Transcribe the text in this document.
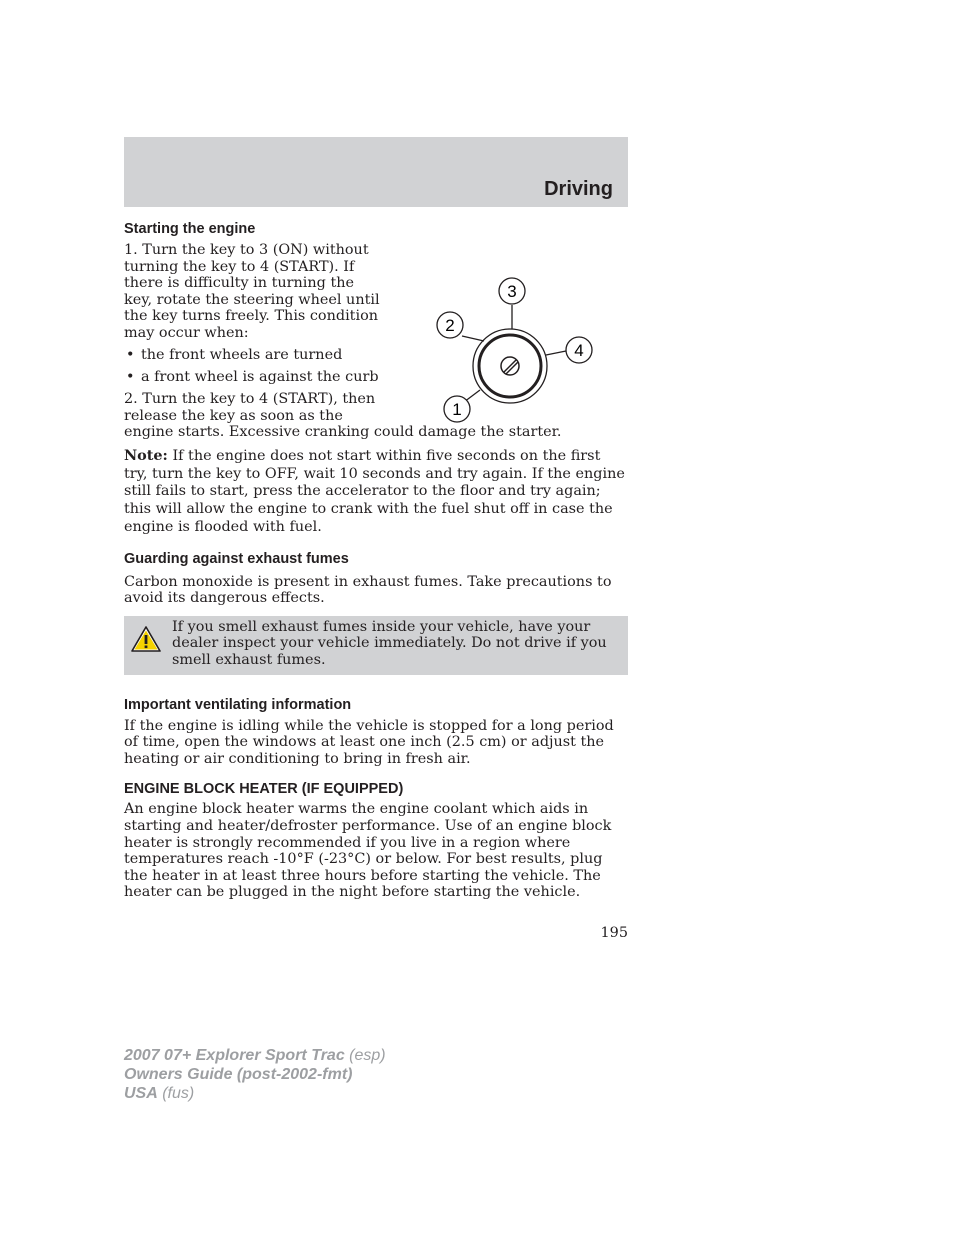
Driving
Starting the engine

1. Turn the key to 3 (ON) without turning the key to 4 (START). If there is difficulty in turning the key, rotate the steering wheel until the key turns freely. This condition may occur when:

• the front wheels are turned
• a front wheel is against the curb

2. Turn the key to 4 (START), then release the key as soon as the

3
2
4
1

engine starts. Excessive cranking could damage the starter.

Note: If the engine does not start within five seconds on the first try, turn the key to OFF, wait 10 seconds and try again. If the engine still fails to start, press the accelerator to the floor and try again; this will allow the engine to crank with the fuel shut off in case the engine is flooded with fuel.

Guarding against exhaust fumes

Carbon monoxide is present in exhaust fumes. Take precautions to avoid its dangerous effects.

If you smell exhaust fumes inside your vehicle, have your dealer inspect your vehicle immediately. Do not drive if you smell exhaust fumes.

Important ventilating information

If the engine is idling while the vehicle is stopped for a long period of time, open the windows at least one inch (2.5 cm) or adjust the heating or air conditioning to bring in fresh air.

ENGINE BLOCK HEATER (IF EQUIPPED)

An engine block heater warms the engine coolant which aids in starting and heater/defroster performance. Use of an engine block heater is strongly recommended if you live in a region where temperatures reach -10°F (-23°C) or below. For best results, plug the heater in at least three hours before starting the vehicle. The heater can be plugged in the night before starting the vehicle.

195
2007 07+ Explorer Sport Trac (esp)
Owners Guide (post-2002-fmt)
USA (fus)
